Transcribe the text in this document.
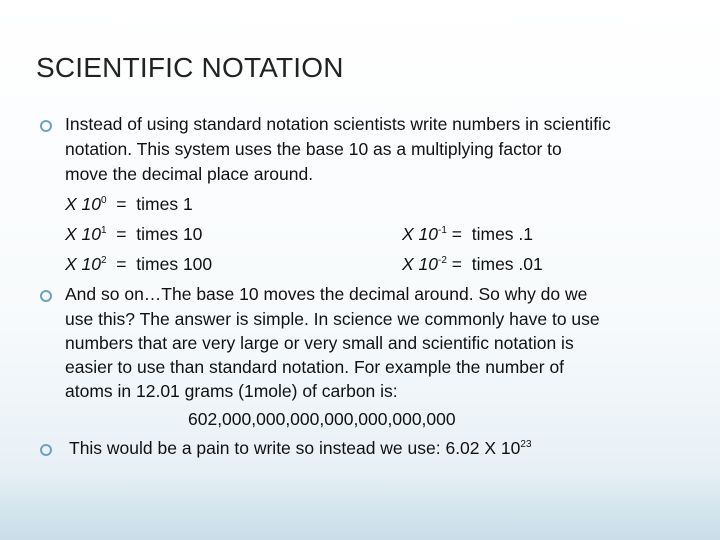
SCIENTIFIC NOTATION
Instead of using standard notation scientists write numbers in scientific
notation. This system uses the base 10 as a multiplying factor to
move the decimal place around.
X $10^0$ = times 1
X $10^1$ = times 10
X $10^2$ = times 100
X $10^{-1}$ = times .1
X $10^{-2}$ = times .01
And so on…The base 10 moves the decimal around. So why do we
use this? The answer is simple. In science we commonly have to use
numbers that are very large or very small and scientific notation is
easier to use than standard notation. For example the number of
atoms in 12.01 grams (1mole) of carbon is:
602,000,000,000,000,000,000,000
This would be a pain to write so instead we use: 6.02 X $10^{23}$
